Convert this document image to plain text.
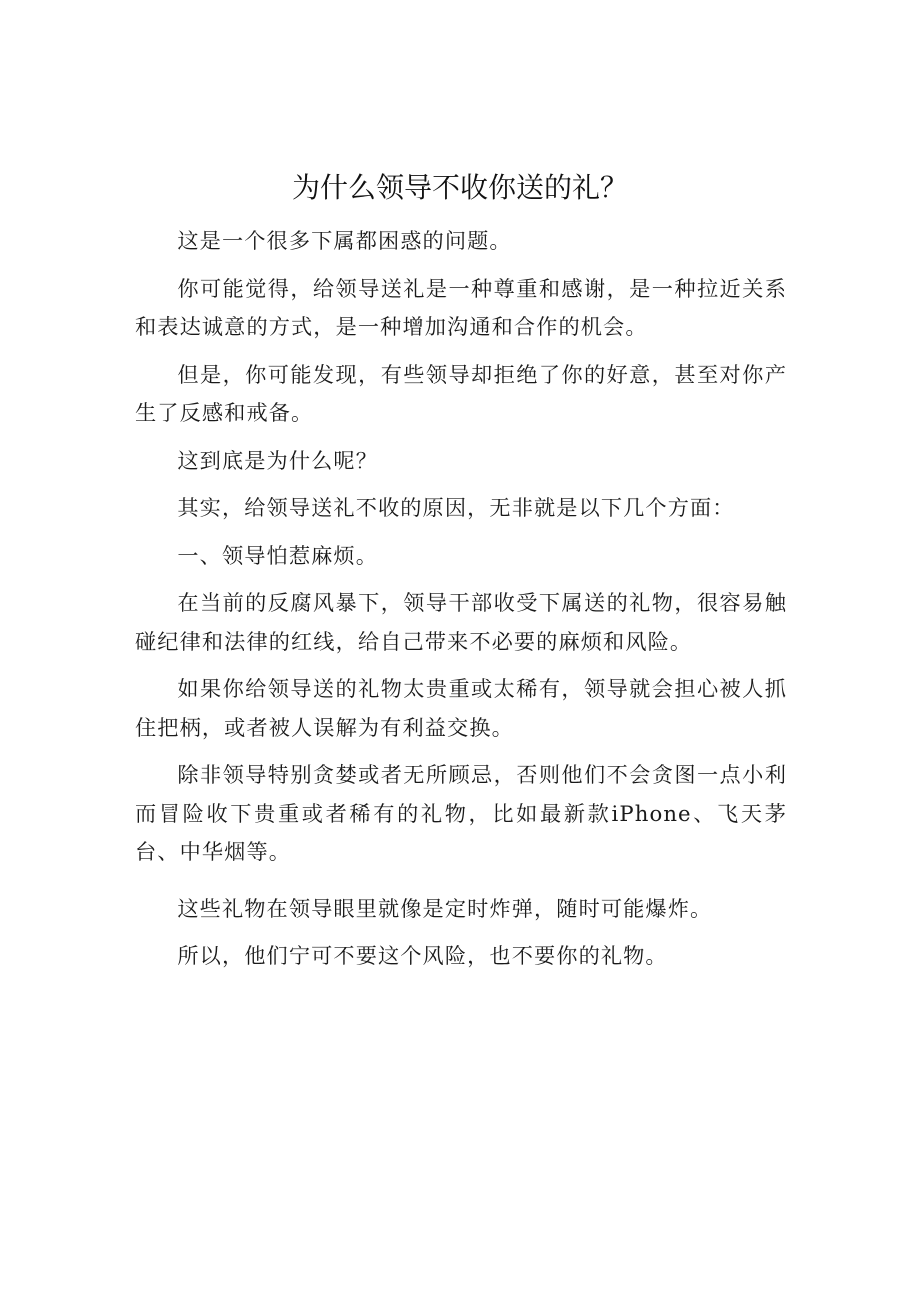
为什么领导不收你送的礼？

这是一个很多下属都困惑的问题。

你可能觉得，给领导送礼是一种尊重和感谢，是一种拉近关系和表达诚意的方式，是一种增加沟通和合作的机会。

但是，你可能发现，有些领导却拒绝了你的好意，甚至对你产生了反感和戒备。

这到底是为什么呢？

其实，给领导送礼不收的原因，无非就是以下几个方面：

一、领导怕惹麻烦。

在当前的反腐风暴下，领导干部收受下属送的礼物，很容易触碰纪律和法律的红线，给自己带来不必要的麻烦和风险。

如果你给领导送的礼物太贵重或太稀有，领导就会担心被人抓住把柄，或者被人误解为有利益交换。

除非领导特别贪婪或者无所顾忌，否则他们不会贪图一点小利而冒险收下贵重或者稀有的礼物，比如最新款iPhone、飞天茅台、中华烟等。

这些礼物在领导眼里就像是定时炸弹，随时可能爆炸。

所以，他们宁可不要这个风险，也不要你的礼物。
